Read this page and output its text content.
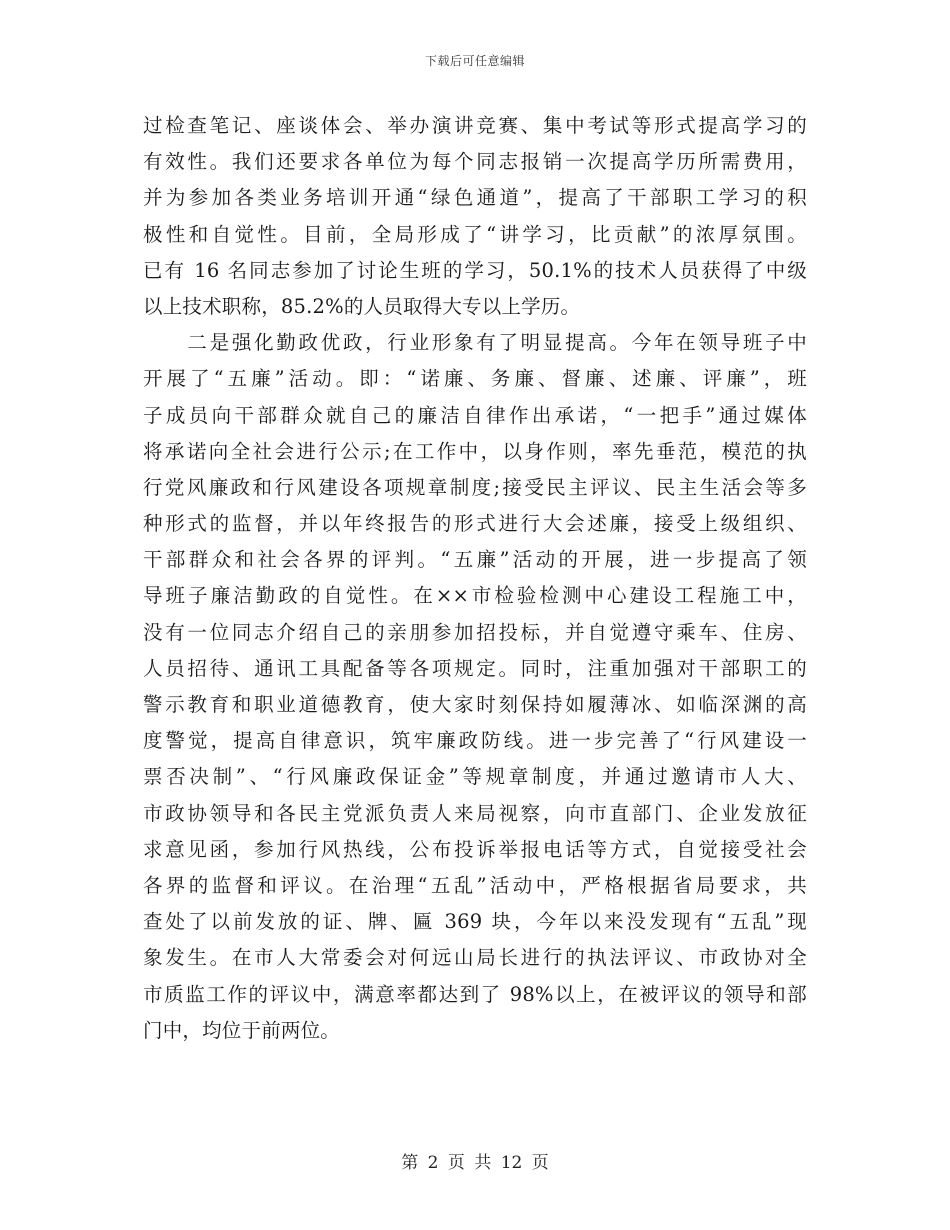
下载后可任意编辑
过检查笔记、座谈体会、举办演讲竞赛、集中考试等形式提高学习的
有效性。我们还要求各单位为每个同志报销一次提高学历所需费用，
并为参加各类业务培训开通“绿色通道”，提高了干部职工学习的积
极性和自觉性。目前，全局形成了“讲学习，比贡献”的浓厚氛围。
已有 16 名同志参加了讨论生班的学习，50.1%的技术人员获得了中级
以上技术职称，85.2%的人员取得大专以上学历。
　　二是强化勤政优政，行业形象有了明显提高。今年在领导班子中
开展了“五廉”活动。即：“诺廉、务廉、督廉、述廉、评廉”，班
子成员向干部群众就自己的廉洁自律作出承诺，“一把手”通过媒体
将承诺向全社会进行公示;在工作中，以身作则，率先垂范，模范的执
行党风廉政和行风建设各项规章制度;接受民主评议、民主生活会等多
种形式的监督，并以年终报告的形式进行大会述廉，接受上级组织、
干部群众和社会各界的评判。“五廉”活动的开展，进一步提高了领
导班子廉洁勤政的自觉性。在××市检验检测中心建设工程施工中，
没有一位同志介绍自己的亲朋参加招投标，并自觉遵守乘车、住房、
人员招待、通讯工具配备等各项规定。同时，注重加强对干部职工的
警示教育和职业道德教育，使大家时刻保持如履薄冰、如临深渊的高
度警觉，提高自律意识，筑牢廉政防线。进一步完善了“行风建设一
票否决制”、“行风廉政保证金”等规章制度，并通过邀请市人大、
市政协领导和各民主党派负责人来局视察，向市直部门、企业发放征
求意见函，参加行风热线，公布投诉举报电话等方式，自觉接受社会
各界的监督和评议。在治理“五乱”活动中，严格根据省局要求，共
查处了以前发放的证、牌、匾 369 块，今年以来没发现有“五乱”现
象发生。在市人大常委会对何远山局长进行的执法评议、市政协对全
市质监工作的评议中，满意率都达到了 98%以上，在被评议的领导和部
门中，均位于前两位。
第 2 页 共 12 页
